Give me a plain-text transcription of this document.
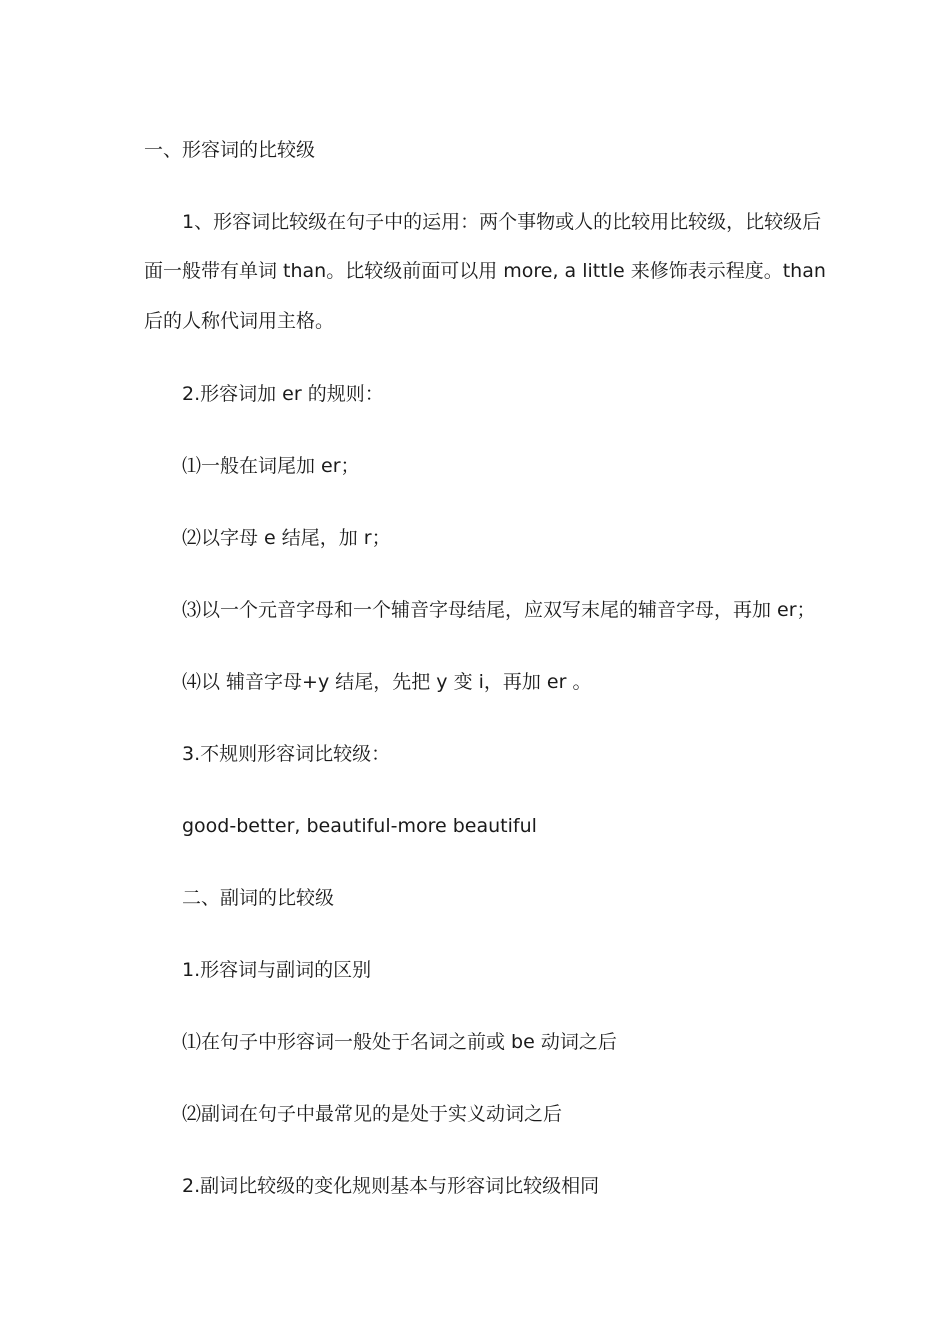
一、形容词的比较级
1、形容词比较级在句子中的运用：两个事物或人的比较用比较级，比较级后
面一般带有单词 than。比较级前面可以用 more, a little 来修饰表示程度。than
后的人称代词用主格。
2.形容词加 er 的规则：
⑴一般在词尾加 er；
⑵以字母 e 结尾，加 r；
⑶以一个元音字母和一个辅音字母结尾，应双写末尾的辅音字母，再加 er；
⑷以 辅音字母+y 结尾，先把 y 变 i，再加 er 。
3.不规则形容词比较级：
good-better, beautiful-more beautiful
二、副词的比较级
1.形容词与副词的区别
⑴在句子中形容词一般处于名词之前或 be 动词之后
⑵副词在句子中最常见的是处于实义动词之后
2.副词比较级的变化规则基本与形容词比较级相同
